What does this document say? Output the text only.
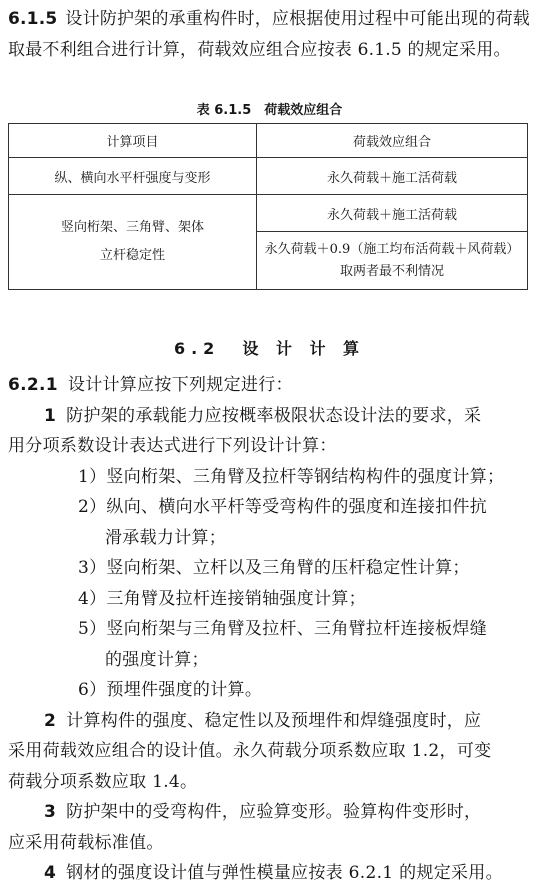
6.1.5 设计防护架的承重构件时，应根据使用过程中可能出现的荷载取最不利组合进行计算，荷载效应组合应按表 6.1.5 的规定采用。
表 6.1.5　荷载效应组合
计算项目	荷载效应组合
纵、横向水平杆强度与变形	永久荷载＋施工活荷载

竖向桁架、三角臂、架体
立杆稳定性	永久荷载＋施工活荷载

	永久荷载＋0.9（施工均布活荷载＋风荷载）
取两者最不利情况
6.2　设 计 计 算
6.2.1 设计计算应按下列规定进行：
1 防护架的承载能力应按概率极限状态设计法的要求，采
用分项系数设计表达式进行下列设计计算：
1）竖向桁架、三角臂及拉杆等钢结构构件的强度计算；
2）纵向、横向水平杆等受弯构件的强度和连接扣件抗
滑承载力计算；
3）竖向桁架、立杆以及三角臂的压杆稳定性计算；
4）三角臂及拉杆连接销轴强度计算；
5）竖向桁架与三角臂及拉杆、三角臂拉杆连接板焊缝
的强度计算；
6）预埋件强度的计算。
2 计算构件的强度、稳定性以及预埋件和焊缝强度时，应
采用荷载效应组合的设计值。永久荷载分项系数应取 1.2，可变
荷载分项系数应取 1.4。
3 防护架中的受弯构件，应验算变形。验算构件变形时，
应采用荷载标准值。
4 钢材的强度设计值与弹性模量应按表 6.2.1 的规定采用。
